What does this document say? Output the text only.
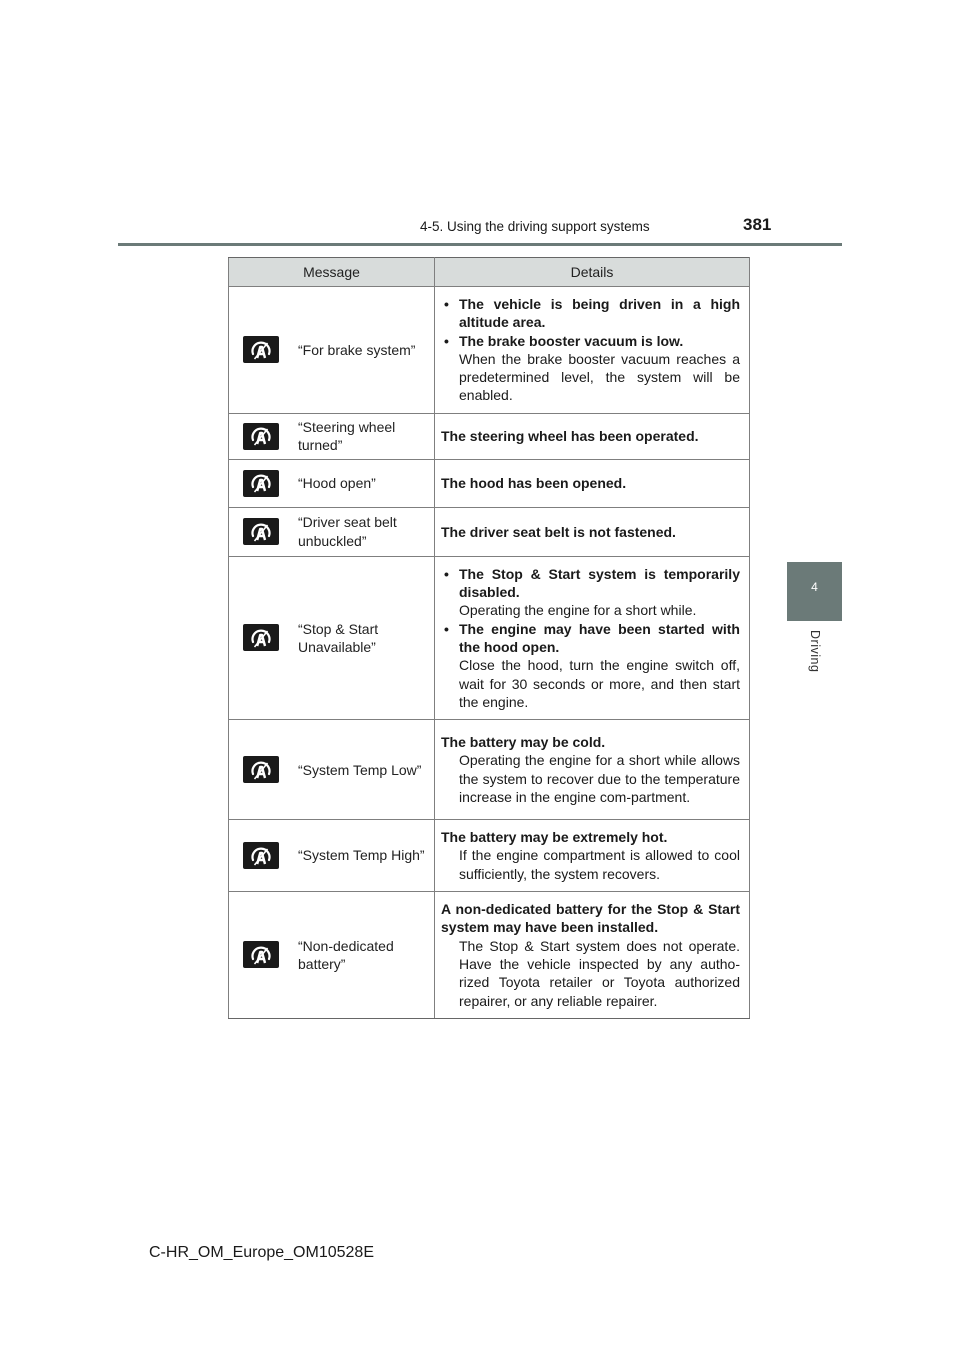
4-5. Using the driving support systems	381
4
Driving
Message	Details

“For brake system”	• The vehicle is being driven in a high altitude area.
• The brake booster vacuum is low.
When the brake booster vacuum reaches a predetermined level, the system will be enabled.

“Steering wheel turned”	The steering wheel has been operated.

“Hood open”	The hood has been opened.

“Driver seat belt unbuckled”	The driver seat belt is not fastened.

“Stop & Start Unavailable”	• The Stop & Start system is temporarily disabled.
Operating the engine for a short while.
• The engine may have been started with the hood open.
Close the hood, turn the engine switch off, wait for 30 seconds or more, and then start the engine.

“System Temp Low”	The battery may be cold.
Operating the engine for a short while allows the system to recover due to the temperature increase in the engine com-partment.

“System Temp High”	The battery may be extremely hot.
If the engine compartment is allowed to cool sufficiently, the system recovers.

“Non-dedicated battery”	A non-dedicated battery for the Stop & Start system may have been installed.
The Stop & Start system does not operate. Have the vehicle inspected by any autho-rized Toyota retailer or Toyota authorized repairer, or any reliable repairer.
C-HR_OM_Europe_OM10528E
